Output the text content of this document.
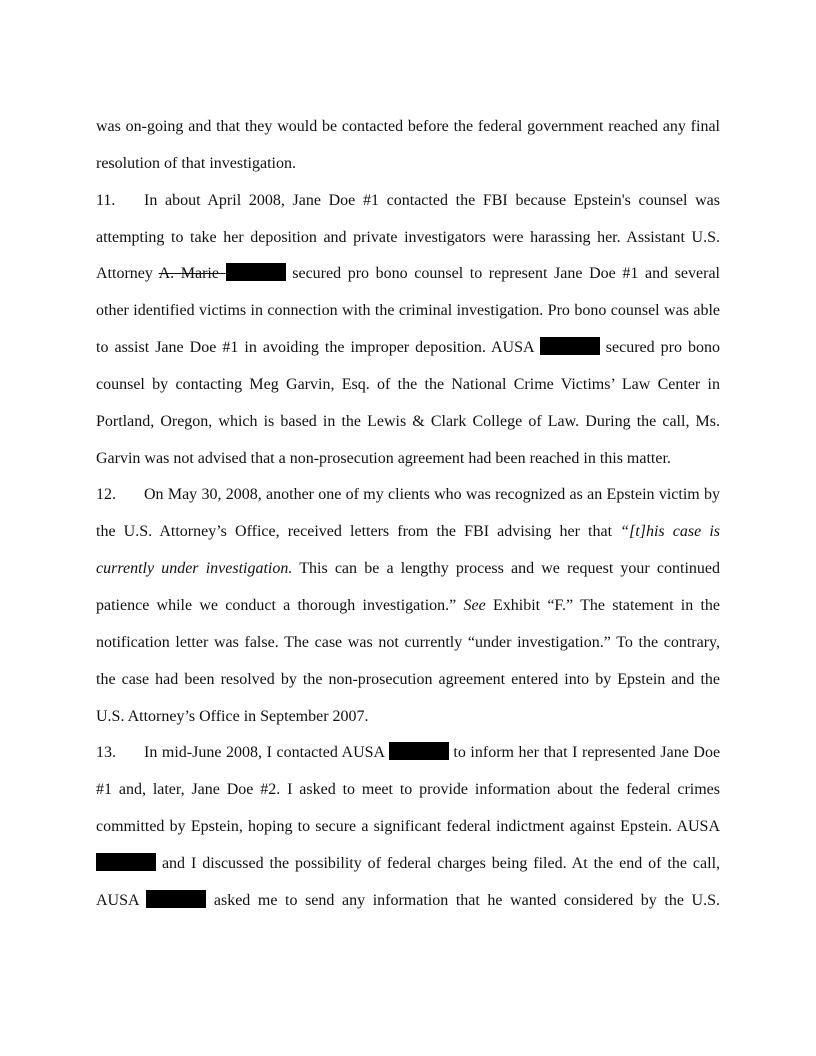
was on-going and that they would be contacted before the federal government reached any final
resolution of that investigation.
11. In about April 2008, Jane Doe #1 contacted the FBI because Epstein's counsel was
attempting to take her deposition and private investigators were harassing her. Assistant U.S.
Attorney A. Marie	secured pro bono counsel to represent Jane Doe #1 and several
other identified victims in connection with the criminal investigation. Pro bono counsel was able
to assist Jane Doe #1 in avoiding the improper deposition. AUSA	secured pro bono
counsel by contacting Meg Garvin, Esq. of the the National Crime Victims’ Law Center in
Portland, Oregon, which is based in the Lewis & Clark College of Law. During the call, Ms.
Garvin was not advised that a non-prosecution agreement had been reached in this matter.
12. On May 30, 2008, another one of my clients who was recognized as an Epstein victim by
the U.S. Attorney’s Office, received letters from the FBI advising her that “[t]his case is
currently under investigation. This can be a lengthy process and we request your continued
patience while we conduct a thorough investigation.” See Exhibit “F.” The statement in the
notification letter was false. The case was not currently “under investigation.” To the contrary,
the case had been resolved by the non-prosecution agreement entered into by Epstein and the
U.S. Attorney’s Office in September 2007.
13. In mid-June 2008, I contacted AUSA	to inform her that I represented Jane Doe
#1 and, later, Jane Doe #2. I asked to meet to provide information about the federal crimes
committed by Epstein, hoping to secure a significant federal indictment against Epstein. AUSA
and I discussed the possibility of federal charges being filed. At the end of the call,
AUSA	asked me to send any information that he wanted considered by the U.S.
